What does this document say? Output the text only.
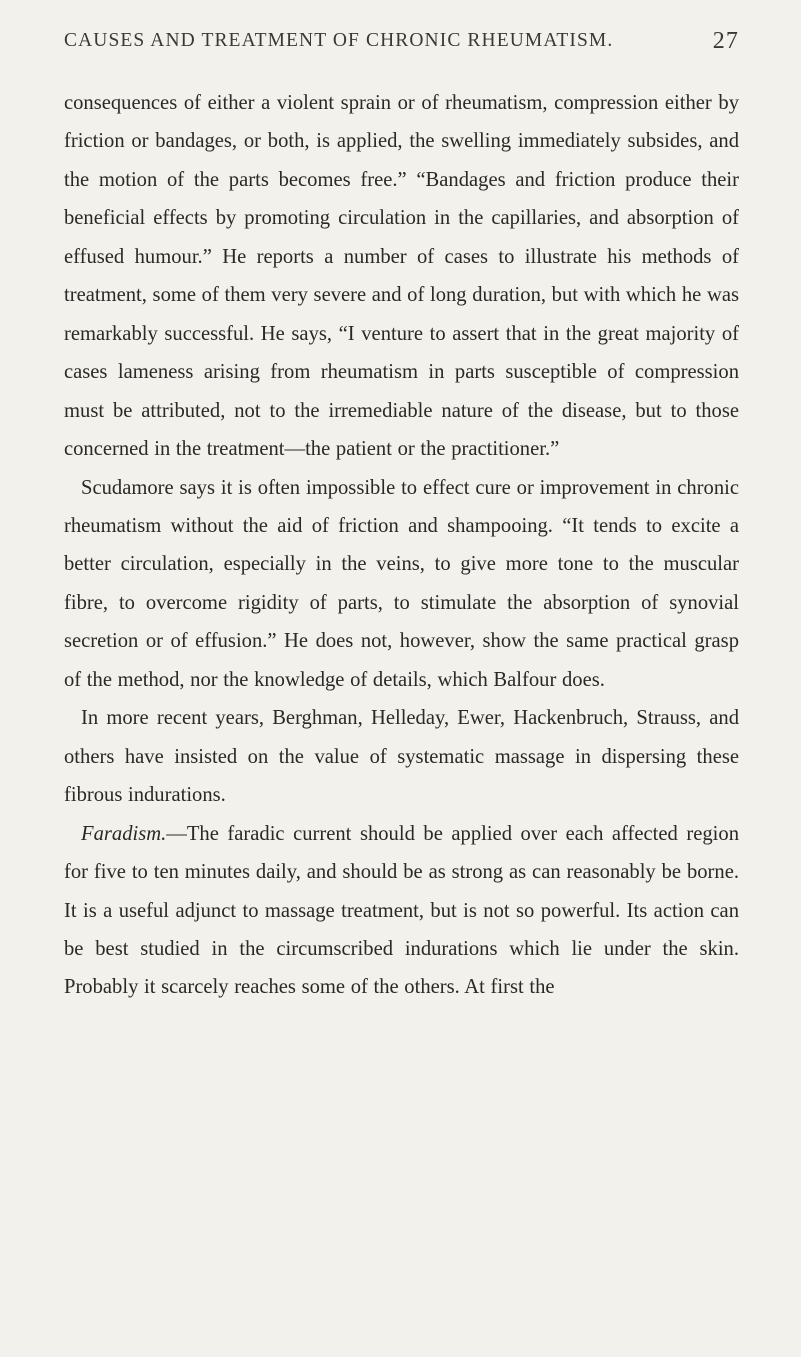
CAUSES AND TREATMENT OF CHRONIC RHEUMATISM.	27

consequences of either a violent sprain or of rheumatism, compression either by friction or bandages, or both, is applied, the swelling immediately subsides, and the motion of the parts becomes free.” “Bandages and friction produce their beneficial effects by promoting circulation in the capillaries, and absorption of effused humour.” He reports a number of cases to illustrate his methods of treatment, some of them very severe and of long duration, but with which he was remarkably successful. He says, “I venture to assert that in the great majority of cases lameness arising from rheumatism in parts susceptible of compression must be attributed, not to the irremediable nature of the disease, but to those concerned in the treatment—the patient or the practitioner.”

Scudamore says it is often impossible to effect cure or improvement in chronic rheumatism without the aid of friction and shampooing. “It tends to excite a better circulation, especially in the veins, to give more tone to the muscular fibre, to overcome rigidity of parts, to stimulate the absorption of synovial secretion or of effusion.” He does not, however, show the same practical grasp of the method, nor the knowledge of details, which Balfour does.

In more recent years, Berghman, Helleday, Ewer, Hackenbruch, Strauss, and others have insisted on the value of systematic massage in dispersing these fibrous indurations.

Faradism.—The faradic current should be applied over each affected region for five to ten minutes daily, and should be as strong as can reasonably be borne. It is a useful adjunct to massage treatment, but is not so powerful. Its action can be best studied in the circumscribed indurations which lie under the skin. Probably it scarcely reaches some of the others. At first the
